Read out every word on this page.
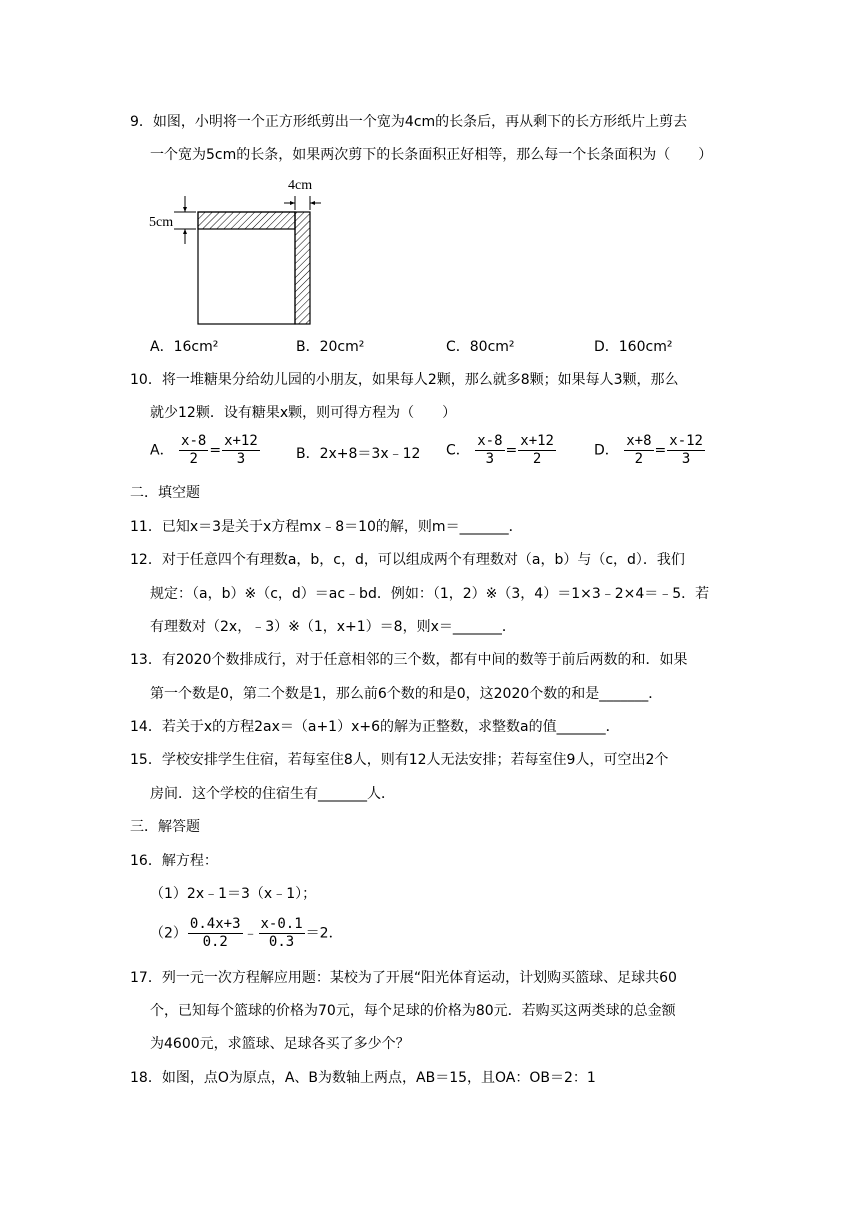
9．如图，小明将一个正方形纸剪出一个宽为4cm的长条后，再从剩下的长方形纸片上剪去
一个宽为5cm的长条，如果两次剪下的长条面积正好相等，那么每一个长条面积为（　　）
4cm
5cm
A．16cm²	B．20cm²	C．80cm²	D．160cm²
10．将一堆糖果分给幼儿园的小朋友，如果每人2颗，那么就多8颗；如果每人3颗，那么
就少12颗．设有糖果x颗，则可得方程为（　　）
A． $\frac{x-8}{2} = \frac{x+12}{3}$	B．2x+8＝3x﹣12 C． $\frac{x-8}{3} = \frac{x+12}{2}$	D． $\frac{x+8}{2} = \frac{x-12}{3}$
二．填空题
11．已知x＝3是关于x方程mx﹣8＝10的解，则m＝_______．
12．对于任意四个有理数a，b，c，d，可以组成两个有理数对（a，b）与（c，d）．我们
规定：（a，b）※（c，d）＝ac﹣bd．例如：（1，2）※（3，4）＝1×3﹣2×4＝﹣5．若
有理数对（2x，﹣3）※（1，x+1）＝8，则x＝_______．
13．有2020个数排成行，对于任意相邻的三个数，都有中间的数等于前后两数的和．如果
第一个数是0，第二个数是1，那么前6个数的和是0，这2020个数的和是_______．
14．若关于x的方程2ax＝（a+1）x+6的解为正整数，求整数a的值_______．
15．学校安排学生住宿，若每室住8人，则有12人无法安排；若每室住9人，可空出2个
房间．这个学校的住宿生有_______人．
三．解答题
16．解方程：
（1）2x﹣1＝3（x﹣1）；
$(2) \frac{0.4x+3}{0.2}$ ﹣ $\frac{x-0.1}{0.3} =2$．
17．列一元一次方程解应用题：某校为了开展“阳光体育运动，计划购买篮球、足球共60
个，已知每个篮球的价格为70元，每个足球的价格为80元．若购买这两类球的总金额
为4600元，求篮球、足球各买了多少个？
18．如图，点O为原点，A、B为数轴上两点，AB＝15，且OA：OB＝2：1
